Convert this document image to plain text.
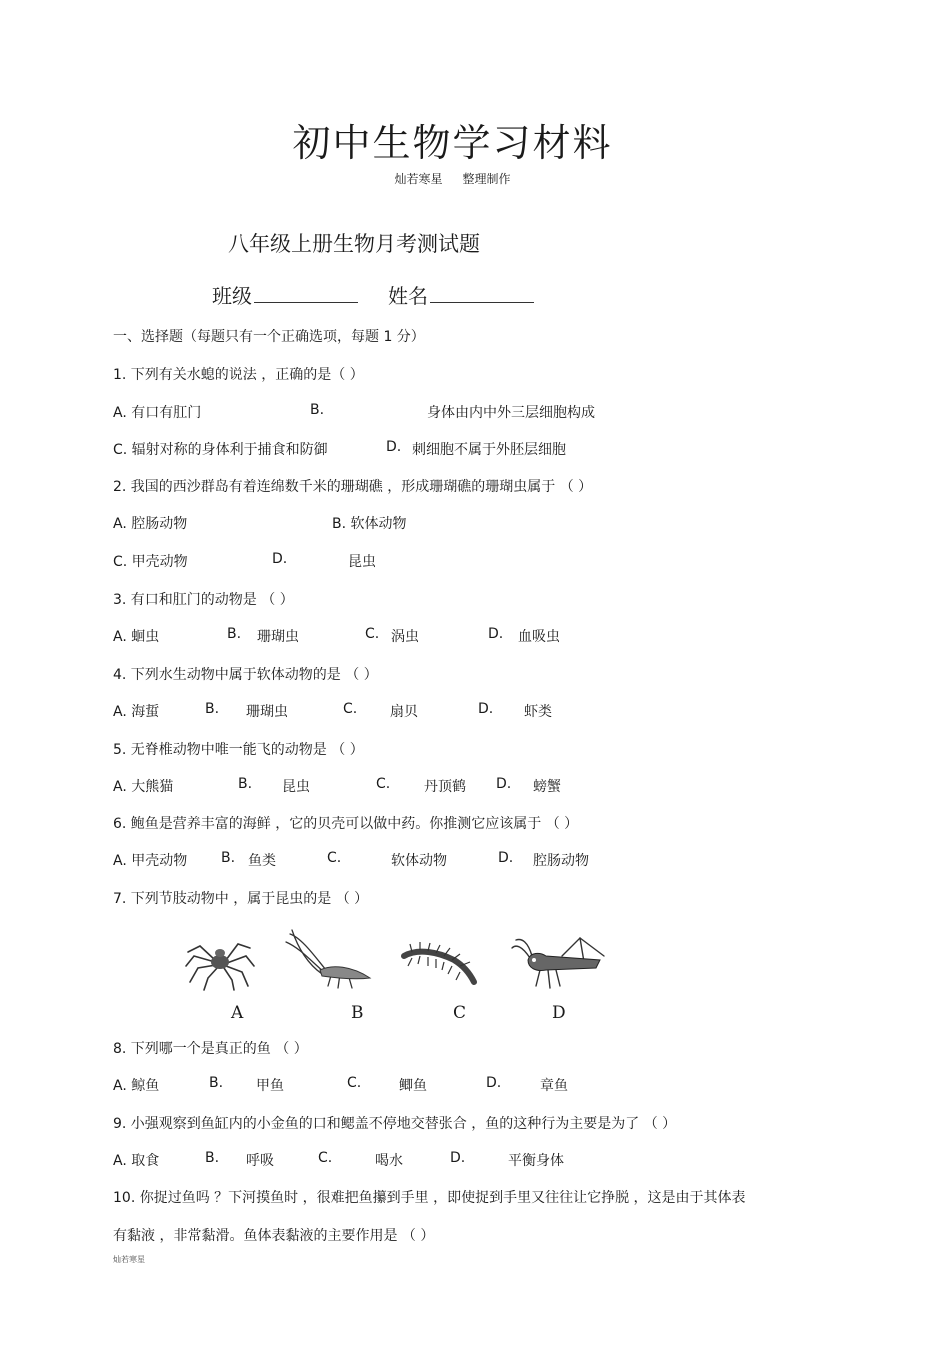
初中生物学习材料
灿若寒星 整理制作
八年级上册生物月考测试题
班级	姓名
一、选择题（每题只有一个正确选项，每题 1 分）
1. 下列有关水螅的说法 ，正确的是（ ）
A. 有口有肛门	B.	身体由内中外三层细胞构成
C. 辐射对称的身体利于捕食和防御	D. 刺细胞不属于外胚层细胞
2. 我国的西沙群岛有着连绵数千米的珊瑚礁 ，形成珊瑚礁的珊瑚虫属于 （ ）
A. 腔肠动物	B. 软体动物
C. 甲壳动物	D.	昆虫
3. 有口和肛门的动物是 （ ）
A. 蛔虫	B. 珊瑚虫	C. 涡虫	D. 血吸虫
4. 下列水生动物中属于软体动物的是 （ ）
A. 海蜇	B. 珊瑚虫	C. 扇贝	D. 虾类
5. 无脊椎动物中唯一能飞的动物是 （ ）
A. 大熊猫	B. 昆虫	C. 丹顶鹤 D. 螃蟹
6. 鲍鱼是营养丰富的海鲜 ，它的贝壳可以做中药。你推测它应该属于 （ ）
A. 甲壳动物 B. 鱼类	C.	软体动物	D. 腔肠动物
7. 下列节肢动物中 ，属于昆虫的是 （ ）
A	B	C	D
8. 下列哪一个是真正的鱼 （ ）
A. 鲸鱼	B. 甲鱼	C.	鲫鱼	D.	章鱼
9. 小强观察到鱼缸内的小金鱼的口和鳃盖不停地交替张合 ，鱼的这种行为主要是为了 （ ）
A. 取食	B. 呼吸	C.	喝水	D.	平衡身体
10. 你捉过鱼吗 ？下河摸鱼时 ，很难把鱼攥到手里 ，即使捉到手里又往往让它挣脱 ，这是由于其体表
有黏液 ，非常黏滑。鱼体表黏液的主要作用是 （ ）
灿若寒星
